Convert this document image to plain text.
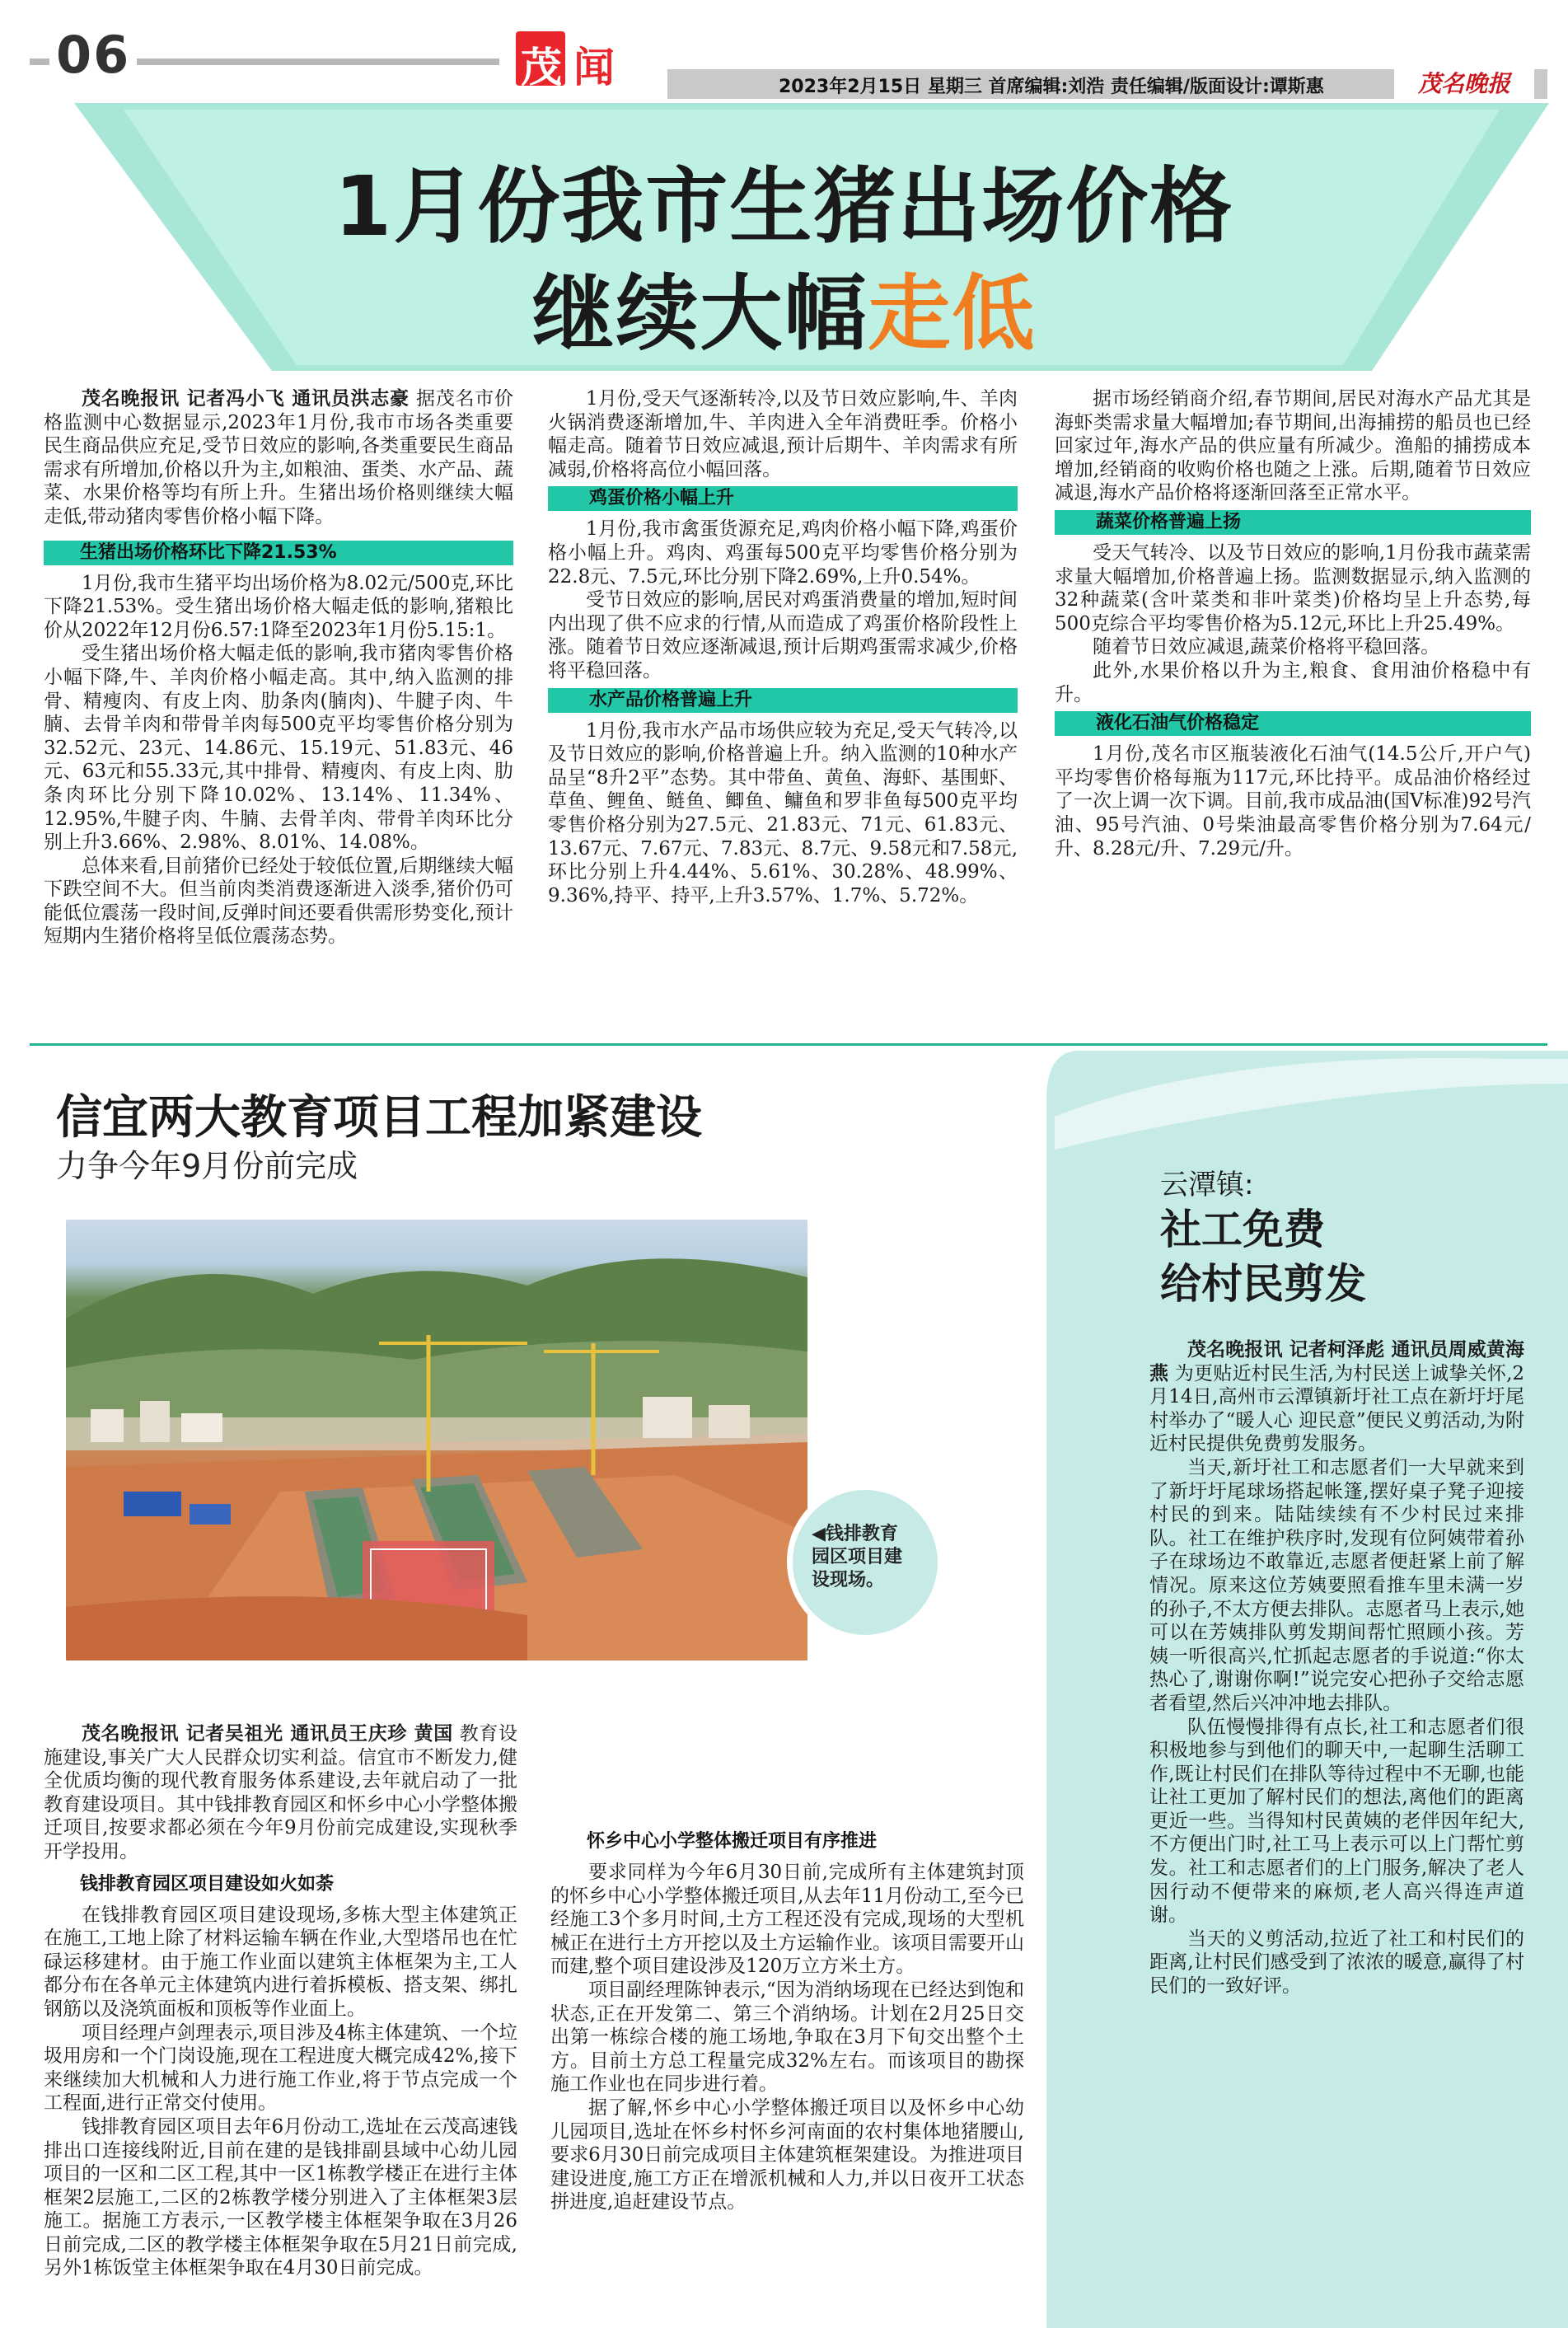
06	茂 闻	2023年2月15日 星期三 首席编辑:刘浩 责任编辑/版面设计:谭斯惠	茂名晚报
1月份我市生猪出场价格
继续大幅走低

茂名晚报讯 记者冯小飞 通讯员洪志豪 据茂名市价格监测中心数据显示,2023年1月份,我市市场各类重要民生商品供应充足,受节日效应的影响,各类重要民生商品需求有所增加,价格以升为主,如粮油、蛋类、水产品、蔬菜、水果价格等均有所上升。生猪出场价格则继续大幅走低,带动猪肉零售价格小幅下降。

生猪出场价格环比下降21.53%

1月份,我市生猪平均出场价格为8.02元/500克,环比下降21.53%。受生猪出场价格大幅走低的影响,猪粮比价从2022年12月份6.57:1降至2023年1月份5.15:1。

受生猪出场价格大幅走低的影响,我市猪肉零售价格小幅下降,牛、羊肉价格小幅走高。其中,纳入监测的排骨、精瘦肉、有皮上肉、肋条肉(腩肉)、牛腱子肉、牛腩、去骨羊肉和带骨羊肉每500克平均零售价格分别为32.52元、23元、14.86元、15.19元、51.83元、46元、63元和55.33元,其中排骨、精瘦肉、有皮上肉、肋条肉环比分别下降10.02%、13.14%、11.34%、12.95%,牛腱子肉、牛腩、去骨羊肉、带骨羊肉环比分别上升3.66%、2.98%、8.01%、14.08%。

总体来看,目前猪价已经处于较低位置,后期继续大幅下跌空间不大。但当前肉类消费逐渐进入淡季,猪价仍可能低位震荡一段时间,反弹时间还要看供需形势变化,预计短期内生猪价格将呈低位震荡态势。

1月份,受天气逐渐转冷,以及节日效应影响,牛、羊肉火锅消费逐渐增加,牛、羊肉进入全年消费旺季。价格小幅走高。随着节日效应减退,预计后期牛、羊肉需求有所减弱,价格将高位小幅回落。

鸡蛋价格小幅上升

1月份,我市禽蛋货源充足,鸡肉价格小幅下降,鸡蛋价格小幅上升。鸡肉、鸡蛋每500克平均零售价格分别为22.8元、7.5元,环比分别下降2.69%,上升0.54%。

受节日效应的影响,居民对鸡蛋消费量的增加,短时间内出现了供不应求的行情,从而造成了鸡蛋价格阶段性上涨。随着节日效应逐渐减退,预计后期鸡蛋需求减少,价格将平稳回落。

水产品价格普遍上升

1月份,我市水产品市场供应较为充足,受天气转冷,以及节日效应的影响,价格普遍上升。纳入监测的10种水产品呈“8升2平”态势。其中带鱼、黄鱼、海虾、基围虾、草鱼、鲤鱼、鲢鱼、鲫鱼、鳙鱼和罗非鱼每500克平均零售价格分别为27.5元、21.83元、71元、61.83元、13.67元、7.67元、7.83元、8.7元、9.58元和7.58元,环比分别上升4.44%、5.61%、30.28%、48.99%、9.36%,持平、持平,上升3.57%、1.7%、5.72%。

据市场经销商介绍,春节期间,居民对海水产品尤其是海虾类需求量大幅增加;春节期间,出海捕捞的船员也已经回家过年,海水产品的供应量有所减少。渔船的捕捞成本增加,经销商的收购价格也随之上涨。后期,随着节日效应减退,海水产品价格将逐渐回落至正常水平。

蔬菜价格普遍上扬

受天气转冷、以及节日效应的影响,1月份我市蔬菜需求量大幅增加,价格普遍上扬。监测数据显示,纳入监测的32种蔬菜(含叶菜类和非叶菜类)价格均呈上升态势,每500克综合平均零售价格为5.12元,环比上升25.49%。

随着节日效应减退,蔬菜价格将平稳回落。

此外,水果价格以升为主,粮食、食用油价格稳中有升。

液化石油气价格稳定

1月份,茂名市区瓶装液化石油气(14.5公斤,开户气)平均零售价格每瓶为117元,环比持平。成品油价格经过了一次上调一次下调。目前,我市成品油(国Ⅴ标准)92号汽油、95号汽油、0号柴油最高零售价格分别为7.64元/升、8.28元/升、7.29元/升。

信宜两大教育项目工程加紧建设
力争今年9月份前完成
◀钱排教育园区项目建设现场。

茂名晚报讯 记者吴祖光 通讯员王庆珍 黄国 教育设施建设,事关广大人民群众切实利益。信宜市不断发力,健全优质均衡的现代教育服务体系建设,去年就启动了一批教育建设项目。其中钱排教育园区和怀乡中心小学整体搬迁项目,按要求都必须在今年9月份前完成建设,实现秋季开学投用。

钱排教育园区项目建设如火如荼

在钱排教育园区项目建设现场,多栋大型主体建筑正在施工,工地上除了材料运输车辆在作业,大型塔吊也在忙碌运移建材。由于施工作业面以建筑主体框架为主,工人都分布在各单元主体建筑内进行着拆模板、搭支架、绑扎钢筋以及浇筑面板和顶板等作业面上。

项目经理卢剑理表示,项目涉及4栋主体建筑、一个垃圾用房和一个门岗设施,现在工程进度大概完成42%,接下来继续加大机械和人力进行施工作业,将于节点完成一个工程面,进行正常交付使用。

钱排教育园区项目去年6月份动工,选址在云茂高速钱排出口连接线附近,目前在建的是钱排副县域中心幼儿园项目的一区和二区工程,其中一区1栋教学楼正在进行主体框架2层施工,二区的2栋教学楼分别进入了主体框架3层施工。据施工方表示,一区教学楼主体框架争取在3月26日前完成,二区的教学楼主体框架争取在5月21日前完成,另外1栋饭堂主体框架争取在4月30日前完成。

怀乡中心小学整体搬迁项目有序推进

要求同样为今年6月30日前,完成所有主体建筑封顶的怀乡中心小学整体搬迁项目,从去年11月份动工,至今已经施工3个多月时间,土方工程还没有完成,现场的大型机械正在进行土方开挖以及土方运输作业。该项目需要开山而建,整个项目建设涉及120万立方米土方。

项目副经理陈钟表示,“因为消纳场现在已经达到饱和状态,正在开发第二、第三个消纳场。计划在2月25日交出第一栋综合楼的施工场地,争取在3月下旬交出整个土方。目前土方总工程量完成32%左右。而该项目的勘探施工作业也在同步进行着。

据了解,怀乡中心小学整体搬迁项目以及怀乡中心幼儿园项目,选址在怀乡村怀乡河南面的农村集体地猪腰山,要求6月30日前完成项目主体建筑框架建设。为推进项目建设进度,施工方正在增派机械和人力,并以日夜开工状态拼进度,追赶建设节点。

云潭镇:
社工免费
给村民剪发

茂名晚报讯 记者柯泽彪 通讯员周威黄海燕 为更贴近村民生活,为村民送上诚挚关怀,2月14日,高州市云潭镇新圩社工点在新圩圩尾村举办了“暖人心 迎民意”便民义剪活动,为附近村民提供免费剪发服务。

当天,新圩社工和志愿者们一大早就来到了新圩圩尾球场搭起帐篷,摆好桌子凳子迎接村民的到来。陆陆续续有不少村民过来排队。社工在维护秩序时,发现有位阿姨带着孙子在球场边不敢靠近,志愿者便赶紧上前了解情况。原来这位芳姨要照看推车里未满一岁的孙子,不太方便去排队。志愿者马上表示,她可以在芳姨排队剪发期间帮忙照顾小孩。芳姨一听很高兴,忙抓起志愿者的手说道:“你太热心了,谢谢你啊!”说完安心把孙子交给志愿者看望,然后兴冲冲地去排队。

队伍慢慢排得有点长,社工和志愿者们很积极地参与到他们的聊天中,一起聊生活聊工作,既让村民们在排队等待过程中不无聊,也能让社工更加了解村民们的想法,离他们的距离更近一些。当得知村民黄姨的老伴因年纪大,不方便出门时,社工马上表示可以上门帮忙剪发。社工和志愿者们的上门服务,解决了老人因行动不便带来的麻烦,老人高兴得连声道谢。

当天的义剪活动,拉近了社工和村民们的距离,让村民们感受到了浓浓的暖意,赢得了村民们的一致好评。
